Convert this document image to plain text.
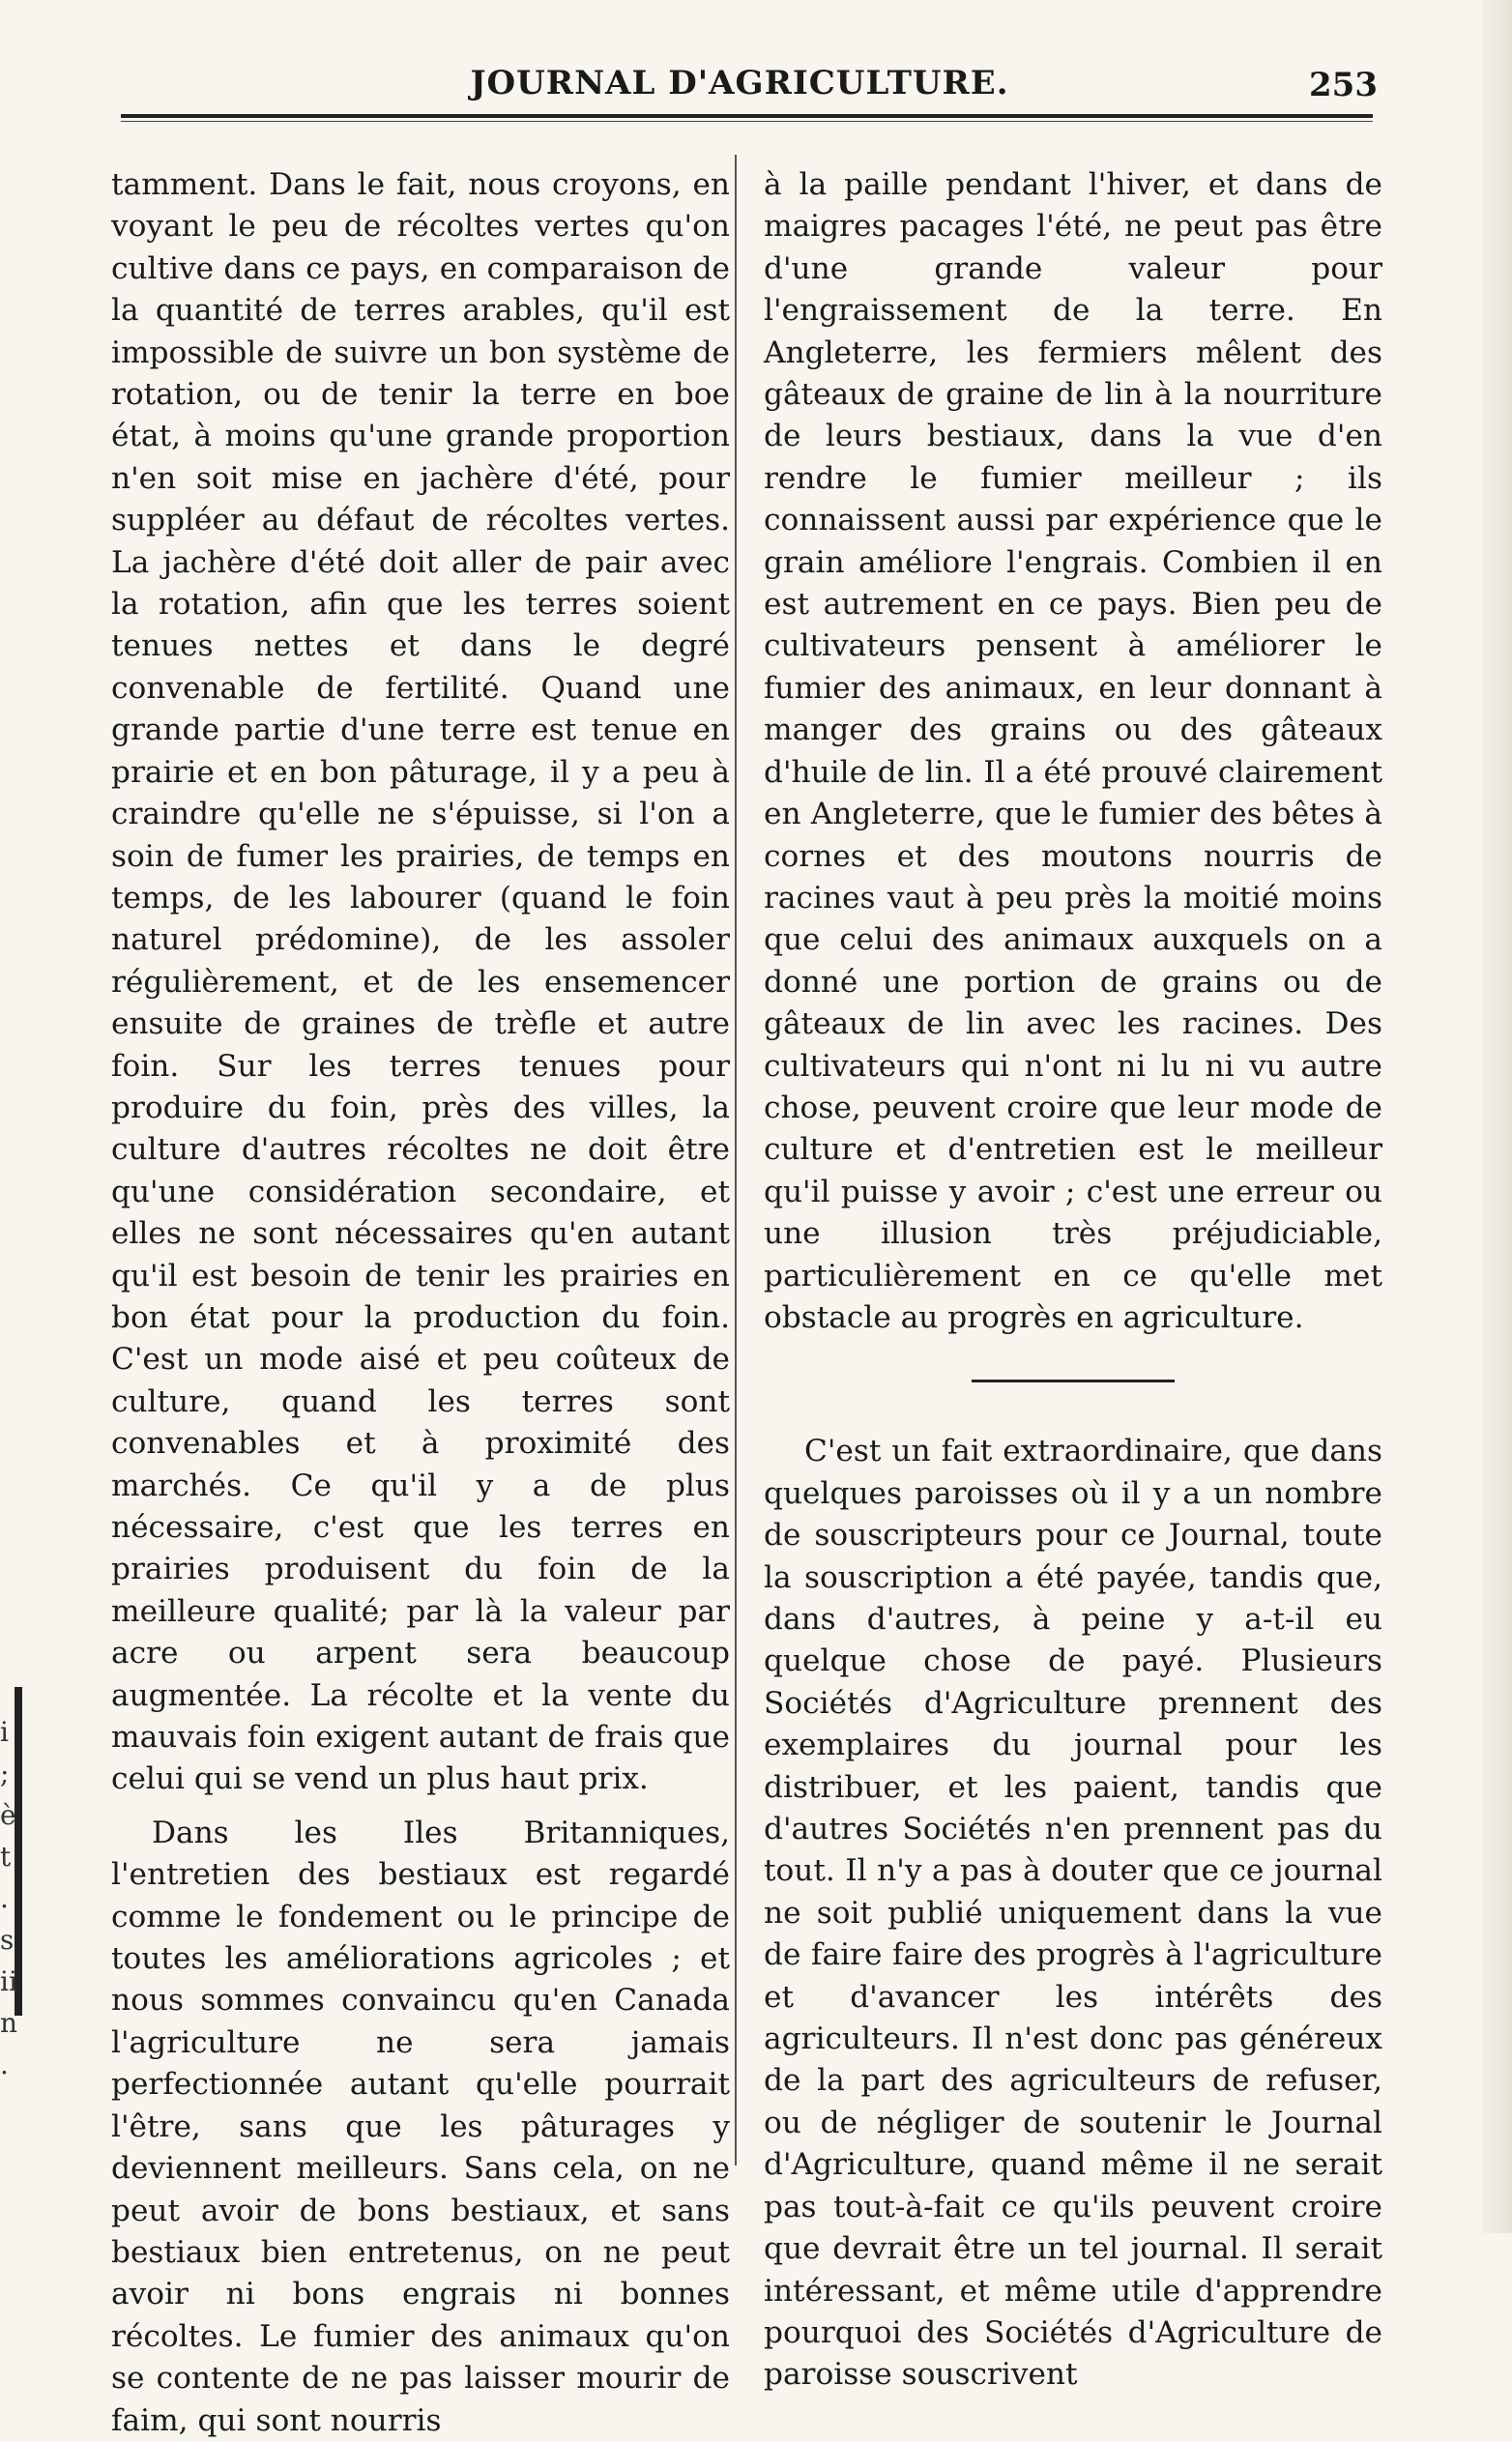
JOURNAL D'AGRICULTURE.	253

tamment. Dans le fait, nous croyons, en voyant le peu de récoltes vertes qu'on cultive dans ce pays, en comparaison de la quantité de terres arables, qu'il est impossible de suivre un bon système de rotation, ou de tenir la terre en boe état, à moins qu'une grande proportion n'en soit mise en jachère d'été, pour suppléer au défaut de récoltes vertes. La jachère d'été doit aller de pair avec la rotation, afin que les terres soient tenues nettes et dans le degré convenable de fertilité. Quand une grande partie d'une terre est tenue en prairie et en bon pâturage, il y a peu à craindre qu'elle ne s'épuisse, si l'on a soin de fumer les prairies, de temps en temps, de les labourer (quand le foin naturel prédomine), de les assoler régulièrement, et de les ensemencer ensuite de graines de trèfle et autre foin. Sur les terres tenues pour produire du foin, près des villes, la culture d'autres récoltes ne doit être qu'une considération secondaire, et elles ne sont nécessaires qu'en autant qu'il est besoin de tenir les prairies en bon état pour la production du foin. C'est un mode aisé et peu coûteux de culture, quand les terres sont convenables et à proximité des marchés. Ce qu'il y a de plus nécessaire, c'est que les terres en prairies produisent du foin de la meilleure qualité; par là la valeur par acre ou arpent sera beaucoup augmentée. La récolte et la vente du mauvais foin exigent autant de frais que celui qui se vend un plus haut prix.

Dans les Iles Britanniques, l'entretien des bestiaux est regardé comme le fondement ou le principe de toutes les améliorations agricoles ; et nous sommes convaincu qu'en Canada l'agriculture ne sera jamais perfectionnée autant qu'elle pourrait l'être, sans que les pâturages y deviennent meilleurs. Sans cela, on ne peut avoir de bons bestiaux, et sans bestiaux bien entretenus, on ne peut avoir ni bons engrais ni bonnes récoltes. Le fumier des animaux qu'on se contente de ne pas laisser mourir de faim, qui sont nourris

à la paille pendant l'hiver, et dans de maigres pacages l'été, ne peut pas être d'une grande valeur pour l'engraissement de la terre. En Angleterre, les fermiers mêlent des gâteaux de graine de lin à la nourriture de leurs bestiaux, dans la vue d'en rendre le fumier meilleur ; ils connaissent aussi par expérience que le grain améliore l'engrais. Combien il en est autrement en ce pays. Bien peu de cultivateurs pensent à améliorer le fumier des animaux, en leur donnant à manger des grains ou des gâteaux d'huile de lin. Il a été prouvé clairement en Angleterre, que le fumier des bêtes à cornes et des moutons nourris de racines vaut à peu près la moitié moins que celui des animaux auxquels on a donné une portion de grains ou de gâteaux de lin avec les racines. Des cultivateurs qui n'ont ni lu ni vu autre chose, peuvent croire que leur mode de culture et d'entretien est le meilleur qu'il puisse y avoir ; c'est une erreur ou une illusion très préjudiciable, particulièrement en ce qu'elle met obstacle au progrès en agriculture.

C'est un fait extraordinaire, que dans quelques paroisses où il y a un nombre de souscripteurs pour ce Journal, toute la souscription a été payée, tandis que, dans d'autres, à peine y a-t-il eu quelque chose de payé. Plusieurs Sociétés d'Agriculture prennent des exemplaires du journal pour les distribuer, et les paient, tandis que d'autres Sociétés n'en prennent pas du tout. Il n'y a pas à douter que ce journal ne soit publié uniquement dans la vue de faire faire des progrès à l'agriculture et d'avancer les intérêts des agriculteurs. Il n'est donc pas généreux de la part des agriculteurs de refuser, ou de négliger de soutenir le Journal d'Agriculture, quand même il ne serait pas tout-à-fait ce qu'ils peuvent croire que devrait être un tel journal. Il serait intéressant, et même utile d'apprendre pourquoi des Sociétés d'Agriculture de paroisse souscrivent

i
;
è
t
.
s
ii
n
.
